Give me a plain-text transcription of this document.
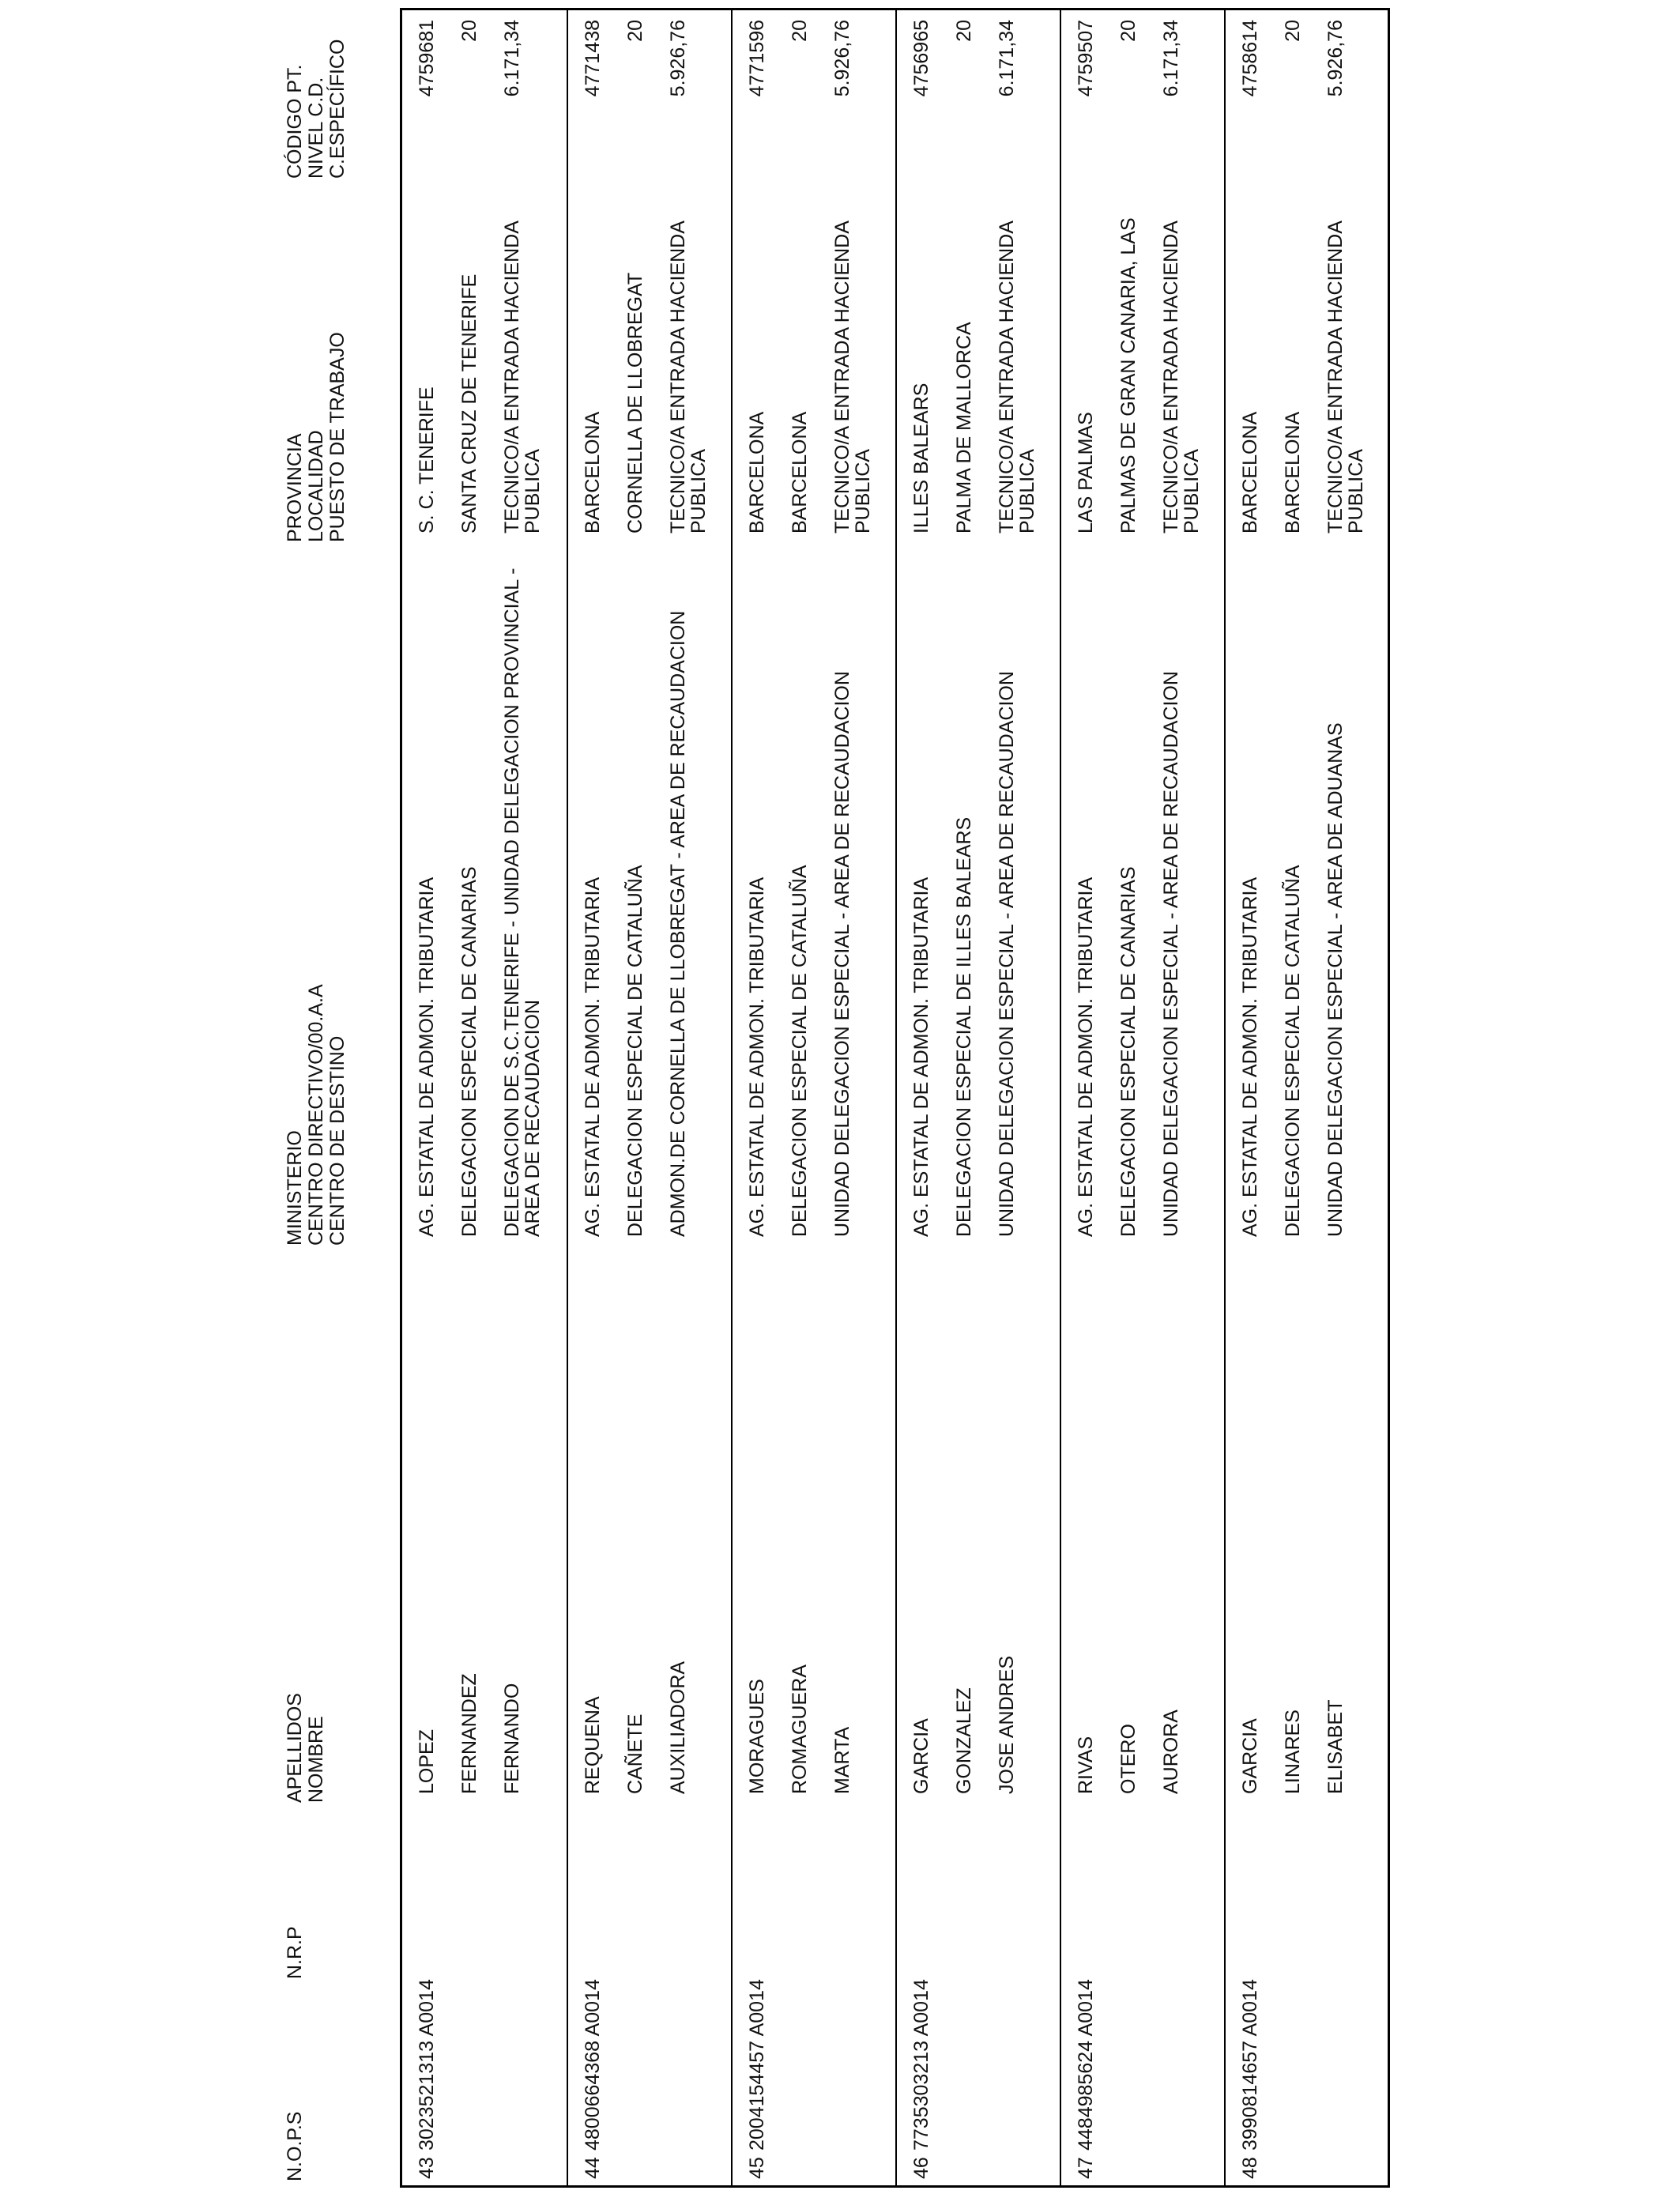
N.O.P.S
N.R.P
APELLIDOS NOMBRE
MINISTERIO CENTRO DIRECTIVO/00.A.A CENTRO DE DESTINO
PROVINCIA LOCALIDAD PUESTO DE TRABAJO
CÓDIGO PT. NIVEL C.D. C.ESPECÍFICO
43
3023521313 A0014
LOPEZ FERNANDEZ FERNANDO
AG. ESTATAL DE ADMON. TRIBUTARIA DELEGACION ESPECIAL DE CANARIAS DELEGACION DE S.C.TENERIFE - UNIDAD DELEGACION PROVINCIAL - AREA DE RECAUDACION
S. C. TENERIFE SANTA CRUZ DE TENERIFE TECNICO/A ENTRADA HACIENDA PUBLICA
4759681 20 6.171,34
44
4800664368 A0014
REQUENA CAÑETE AUXILIADORA
AG. ESTATAL DE ADMON. TRIBUTARIA DELEGACION ESPECIAL DE CATALUÑA ADMON.DE CORNELLA DE LLOBREGAT - AREA DE RECAUDACION
BARCELONA CORNELLA DE LLOBREGAT TECNICO/A ENTRADA HACIENDA PUBLICA
4771438 20 5.926,76
45
2004154457 A0014
MORAGUES ROMAGUERA MARTA
AG. ESTATAL DE ADMON. TRIBUTARIA DELEGACION ESPECIAL DE CATALUÑA UNIDAD DELEGACION ESPECIAL - AREA DE RECAUDACION
BARCELONA BARCELONA TECNICO/A ENTRADA HACIENDA PUBLICA
4771596 20 5.926,76
46
7735303213 A0014
GARCIA GONZALEZ JOSE ANDRES
AG. ESTATAL DE ADMON. TRIBUTARIA DELEGACION ESPECIAL DE ILLES BALEARS UNIDAD DELEGACION ESPECIAL - AREA DE RECAUDACION
ILLES BALEARS PALMA DE MALLORCA TECNICO/A ENTRADA HACIENDA PUBLICA
4756965 20 6.171,34
47
4484985624 A0014
RIVAS OTERO AURORA
AG. ESTATAL DE ADMON. TRIBUTARIA DELEGACION ESPECIAL DE CANARIAS UNIDAD DELEGACION ESPECIAL - AREA DE RECAUDACION
LAS PALMAS PALMAS DE GRAN CANARIA, LAS TECNICO/A ENTRADA HACIENDA PUBLICA
4759507 20 6.171,34
48
3990814657 A0014
GARCIA LINARES ELISABET
AG. ESTATAL DE ADMON. TRIBUTARIA DELEGACION ESPECIAL DE CATALUÑA UNIDAD DELEGACION ESPECIAL - AREA DE ADUANAS
BARCELONA BARCELONA TECNICO/A ENTRADA HACIENDA PUBLICA
4758614 20 5.926,76
